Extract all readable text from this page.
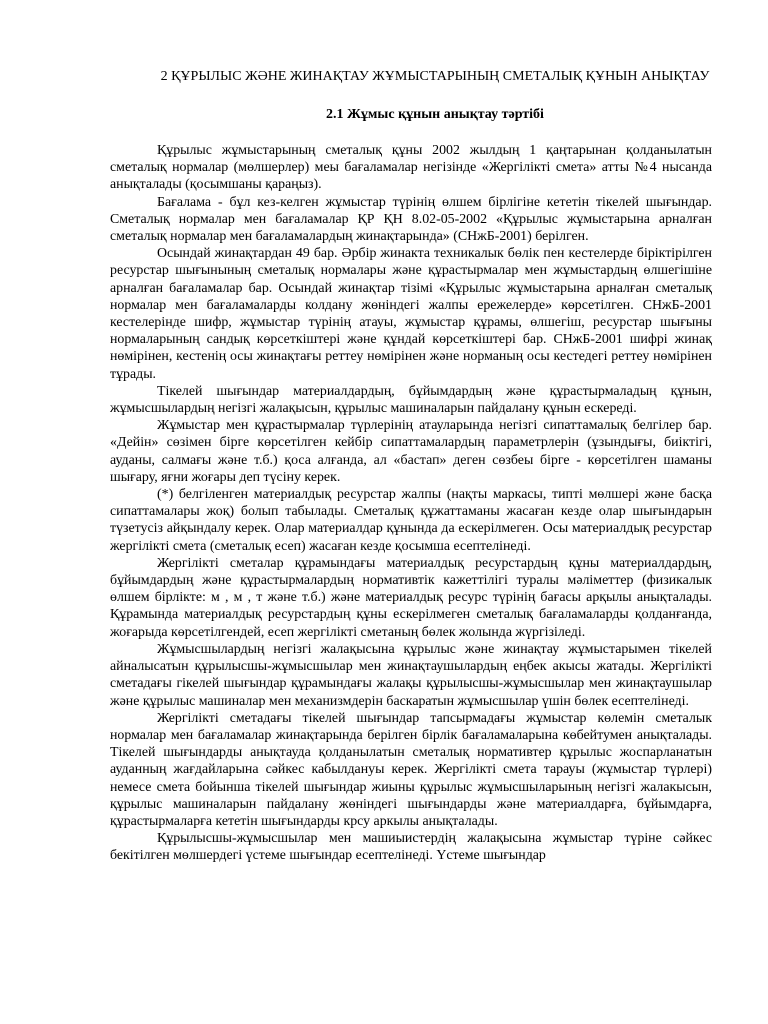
2 ҚҰРЫЛЫС ЖӘНЕ ЖИНАҚТАУ ЖҰМЫСТАРЫНЫҢ СМЕТАЛЫҚ ҚҰНЫН АНЫҚТАУ
2.1 Жұмыс құнын анықтау тәртібі

Құрылыс жұмыстарының сметалық құны 2002 жылдың 1 қаңтарынан қолданылатын сметалық нормалар (мөлшерлер) меы бағаламалар негізінде «Жергілікті смета» атты №4 нысанда анықталады (қосымшаны қараңыз).

Бағалама - бұл кез-келген жұмыстар түрінің өлшем бірлігіне кететін тікелей шығындар. Сметалық нормалар мен бағаламалар ҚР ҚН 8.02-05-2002 «Құрылыс жұмыстарына арналған сметалық нормалар мен бағаламалардың жинақтарында» (СНжБ-2001) берілген.

Осындай жинақтардан 49 бар. Әрбір жинакта техникалык бөлік пен кестелерде біріктірілген ресурстар шығынының сметалық нормалары және құрастырмалар мен жұмыстардың өлшегішіне арналған бағаламалар бар. Осындай жинақтар тізімі «Құрылыс жұмыстарына арналған сметалық нормалар мен бағаламаларды колдану жөніндегі жалпы ережелерде» көрсетілген. СНжБ-2001 кестелерінде шифр, жұмыстар түрінің атауы, жұмыстар құрамы, өлшегіш, ресурстар шығыны нормаларының сандық көрсеткіштері және құндай көрсеткіштері бар. СНжБ-2001 шифрі жинақ нөмірінен, кестенің осы жинақтағы реттеу нөмірінен және норманың осы кестедегі реттеу нөмірінен тұрады.

Тікелей шығындар материалдардың, бұйымдардың және құрастырмаладың құнын, жұмысшылардың негізгі жалақысын, құрылыс машиналарын пайдалану құнын ескереді.

Жұмыстар мен құрастырмалар түрлерінің атауларында негізгі сипаттамалық белгілер бар. «Дейін» сөзімен бірге көрсетілген кейбір сипаттамалардың параметрлерін (ұзындығы, биіктігі, ауданы, салмағы және т.б.) қоса алғанда, ал «бастап» деген сөзбеы бірге - көрсетілген шаманы шығару, яғни жоғары деп түсіну керек.

(*) белгіленген материалдық ресурстар жалпы (нақты маркасы, типті мөлшері және басқа сипаттамалары жоқ) болып табылады. Сметалық құжаттаманы жасаған кезде олар шығындарын түзетусіз айқындалу керек. Олар материалдар құнында да ескерілмеген. Осы материалдық ресурстар жергілікті смета (сметалық есеп) жасаған кезде қосымша есептелінеді.

Жергілікті сметалар құрамындағы материалдық ресурстардың құны материалдардың, бұйымдардың және құрастырмалардың нормативтік кажеттілігі туралы мәліметтер (физикалык өлшем бірлікте: м , м , т және т.б.) және материалдық ресурс түрінің бағасы арқылы анықталады. Құрамында материалдық ресурстардың құны ескерілмеген сметалық бағаламаларды қолданғанда, жоғарыда көрсетілгендей, есеп жергілікті сметаның бөлек жолында жүргізіледі.

Жұмысшылардың негізгі жалақысына құрылыс және жинақтау жұмыстарымен тікелей айналысатын құрылысшы-жұмысшылар мен жинақтаушылардың еңбек акысы жатады. Жергілікті сметадағы гікелей шығындар құрамындағы жалақы құрылысшы-жұмысшылар мен жинақтаушылар және құрылыс машиналар мен механизмдерін баскаратын жұмысшылар үшін бөлек есептелінеді.

Жергілікті сметадағы тікелей шығындар тапсырмадағы жұмыстар көлемін сметалык нормалар мен бағаламалар жинақтарында берілген бірлік бағаламаларына көбейтумен анықталады. Тікелей шығындарды анықтауда қолданылатын сметалық нормативтер құрылыс жоспарланатын ауданның жағдайларына сәйкес кабылдануы керек. Жергілікті смета тарауы (жұмыстар түрлері) немесе смета бойынша тікелей шығындар жиыны құрылыс жұмысшыларының негізгі жалакысын, құрылыс машиналарын пайдалану жөніндегі шығындарды және материалдарға, бұйымдарға, құрастырмаларға кететін шығындарды крсу аркылы анықталады.

Құрылысшы-жұмысшылар мен машиыистердің жалақысына жұмыстар түріне сәйкес бекітілген мөлшердегі үстеме шығындар есептелінеді. Үстеме шығындар
